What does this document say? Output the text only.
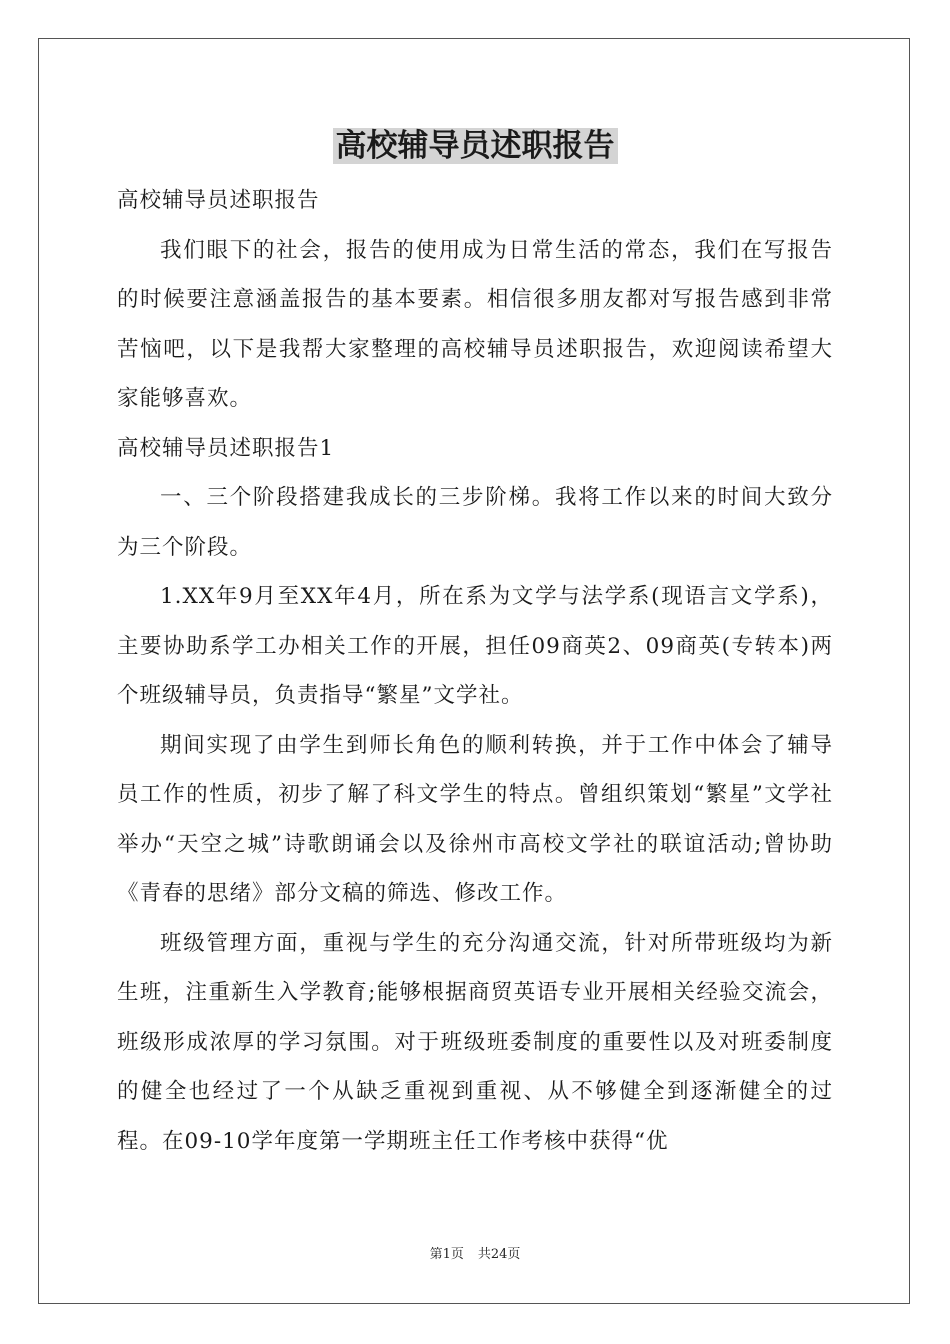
高校辅导员述职报告

高校辅导员述职报告

我们眼下的社会，报告的使用成为日常生活的常态，我们在写报告的时候要注意涵盖报告的基本要素。相信很多朋友都对写报告感到非常苦恼吧，以下是我帮大家整理的高校辅导员述职报告，欢迎阅读希望大家能够喜欢。

高校辅导员述职报告1

一、三个阶段搭建我成长的三步阶梯。我将工作以来的时间大致分为三个阶段。

1.XX年9月至XX年4月，所在系为文学与法学系(现语言文学系)，主要协助系学工办相关工作的开展，担任09商英2、09商英(专转本)两个班级辅导员，负责指导“繁星”文学社。

期间实现了由学生到师长角色的顺利转换，并于工作中体会了辅导员工作的性质，初步了解了科文学生的特点。曾组织策划“繁星”文学社举办“天空之城”诗歌朗诵会以及徐州市高校文学社的联谊活动;曾协助《青春的思绪》部分文稿的筛选、修改工作。

班级管理方面，重视与学生的充分沟通交流，针对所带班级均为新生班，注重新生入学教育;能够根据商贸英语专业开展相关经验交流会，班级形成浓厚的学习氛围。对于班级班委制度的重要性以及对班委制度的健全也经过了一个从缺乏重视到重视、从不够健全到逐渐健全的过程。在09-10学年度第一学期班主任工作考核中获得“优

第1页 共24页
